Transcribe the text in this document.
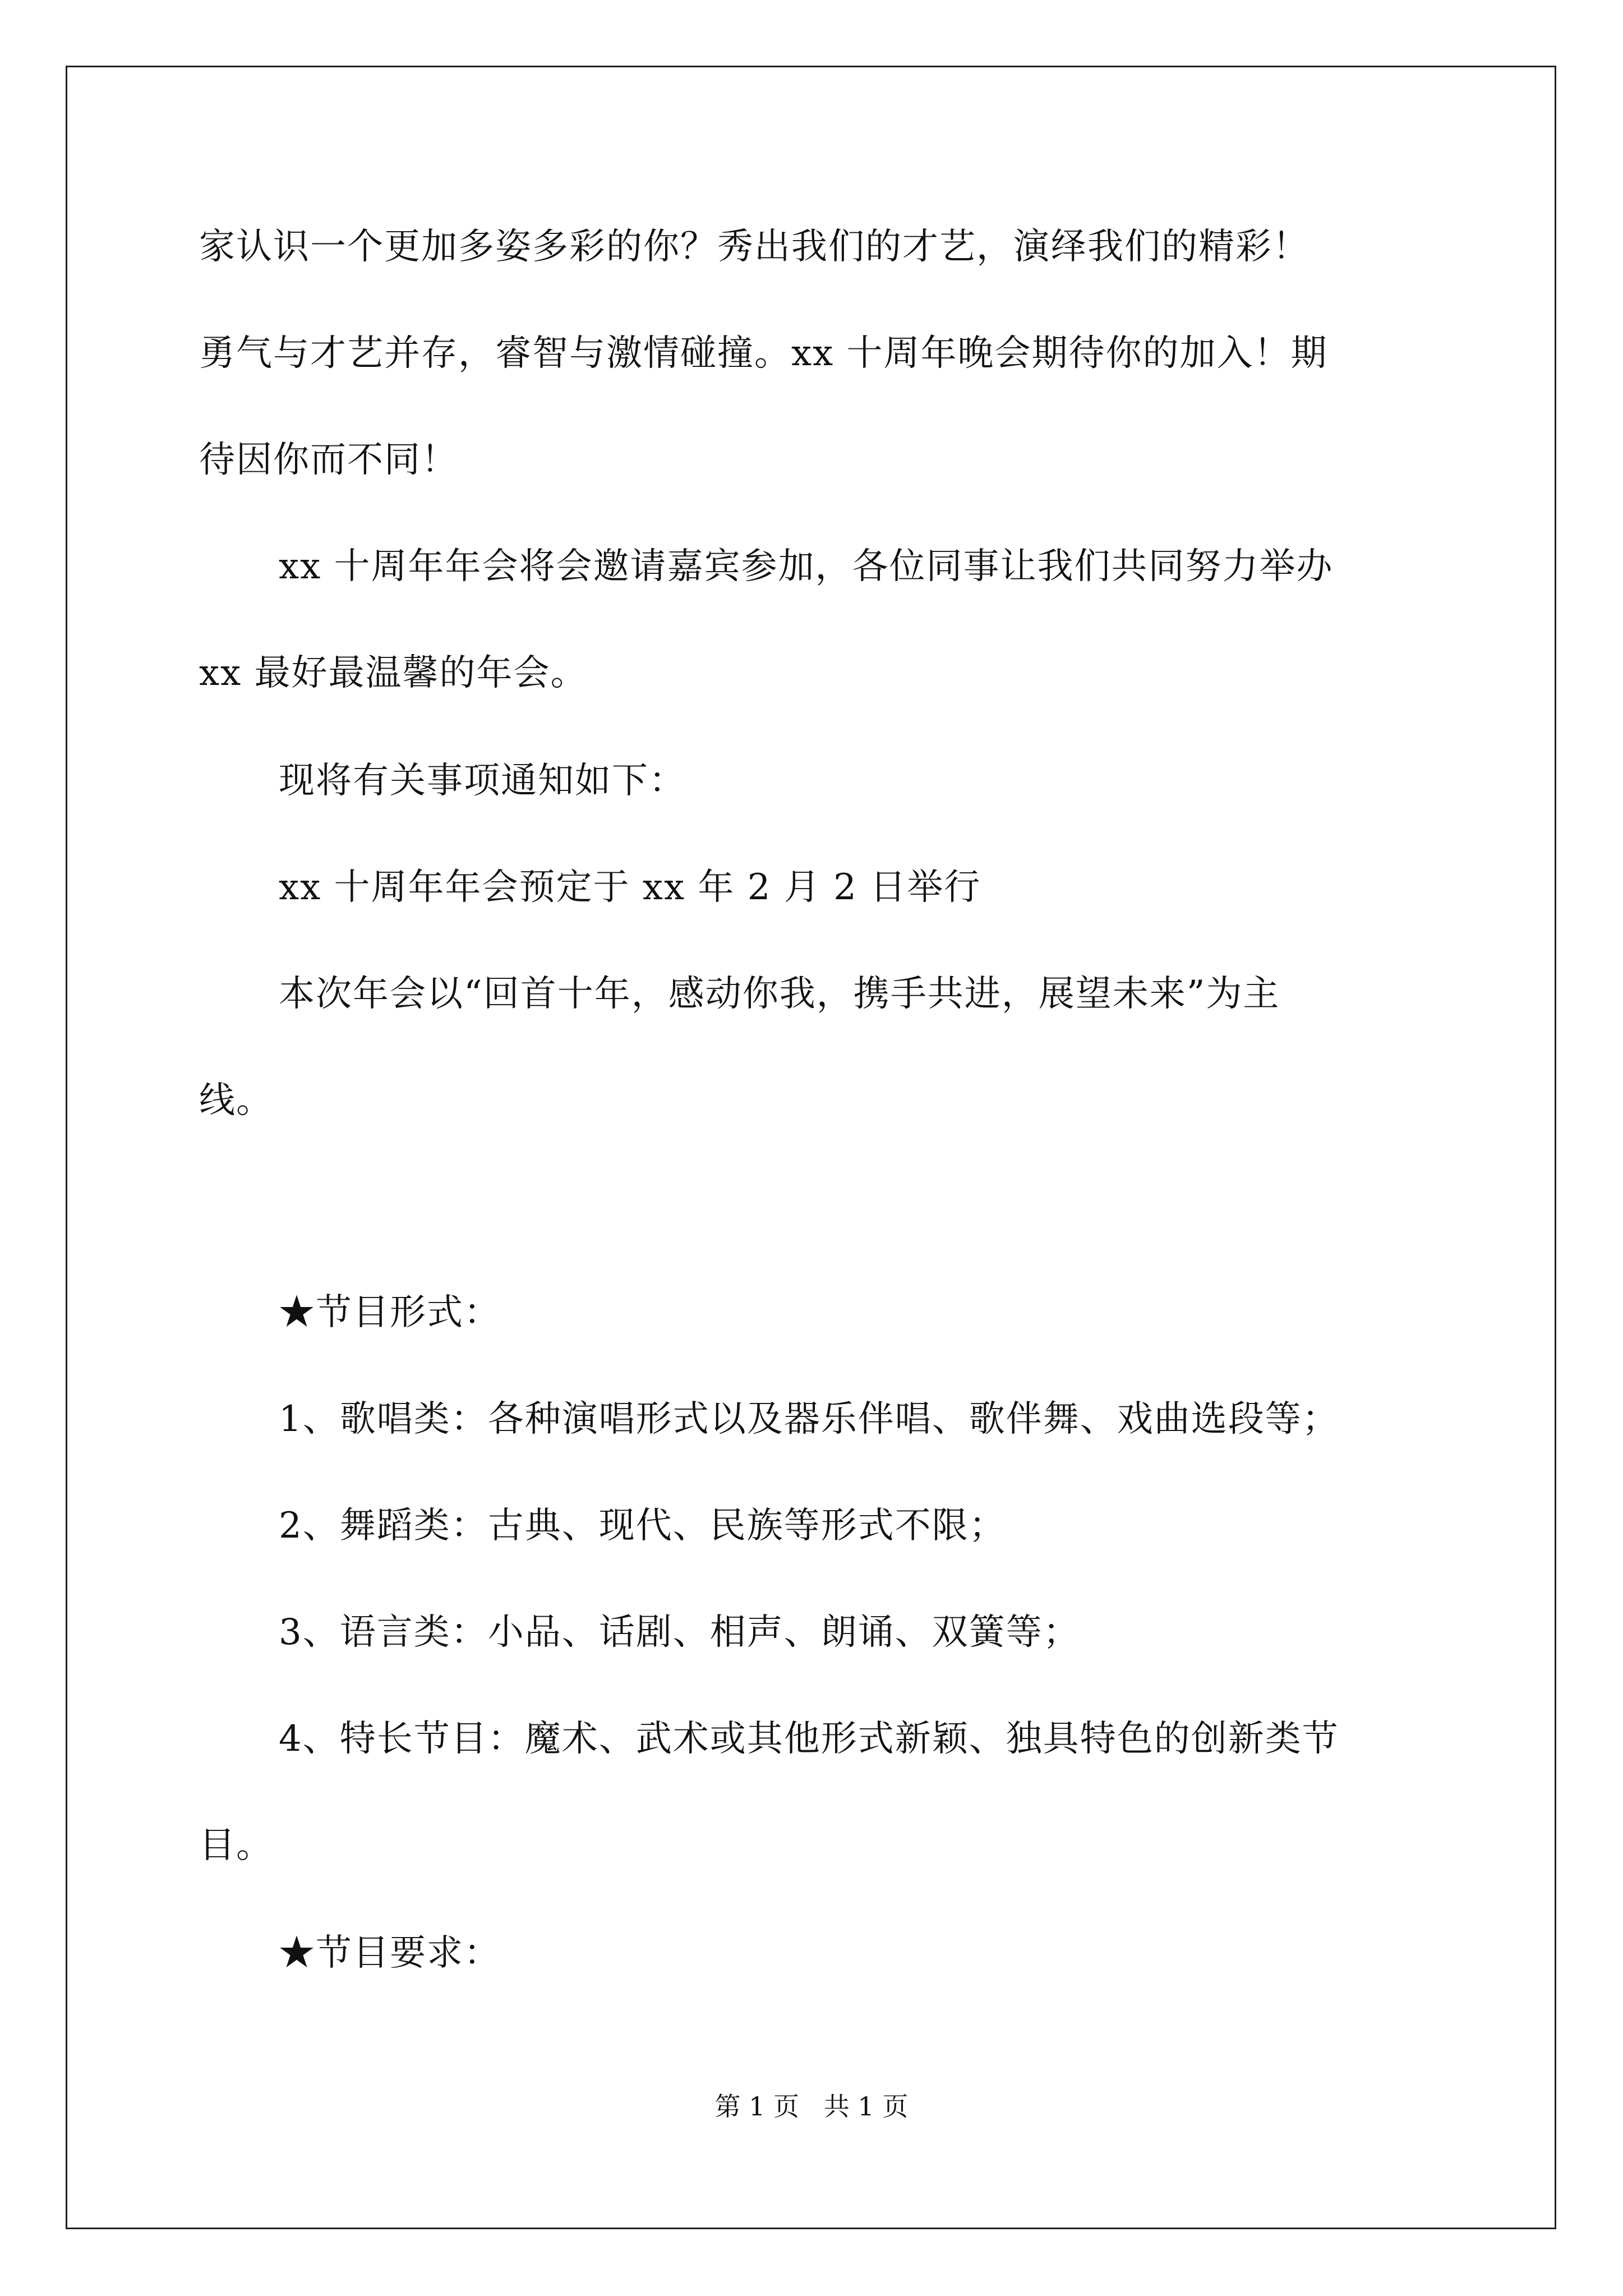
家认识一个更加多姿多彩的你？秀出我们的才艺，演绎我们的精彩！
勇气与才艺并存，睿智与激情碰撞。xx 十周年晚会期待你的加入！期
待因你而不同！
xx 十周年年会将会邀请嘉宾参加，各位同事让我们共同努力举办
xx 最好最温馨的年会。
现将有关事项通知如下：
xx 十周年年会预定于 xx 年 2 月 2 日举行
本次年会以“回首十年，感动你我，携手共进，展望未来”为主
线。
★节目形式：
1、歌唱类：各种演唱形式以及器乐伴唱、歌伴舞、戏曲选段等；
2、舞蹈类：古典、现代、民族等形式不限；
3、语言类：小品、话剧、相声、朗诵、双簧等；
4、特长节目：魔术、武术或其他形式新颖、独具特色的创新类节
目。
★节目要求：
第 1 页   共 1 页
